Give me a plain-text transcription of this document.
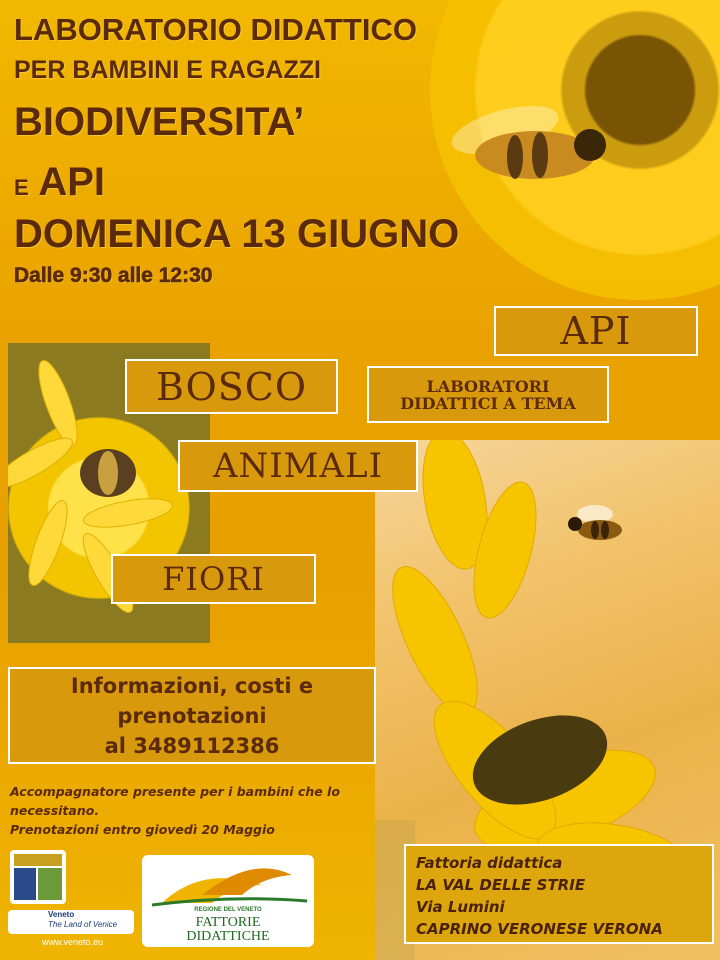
LABORATORIO DIDATTICO
PER BAMBINI E RAGAZZI
BIODIVERSITA’
E API
DOMENICA 13 GIUGNO
Dalle 9:30 alle 12:30
API
BOSCO	LABORATORI
DIDATTICI A TEMA
ANIMALI
FIORI
Informazioni, costi e
prenotazioni
al 3489112386
Accompagnatore presente per i bambini che lo
necessitano.
Prenotazioni entro giovedì 20 Maggio
Veneto
The Land of Venice
www.veneto.eu
REGIONE DEL VENETO
FATTORIE
DIDATTICHE
Fattoria didattica
LA VAL DELLE STRIE
Via Lumini
CAPRINO VERONESE VERONA
